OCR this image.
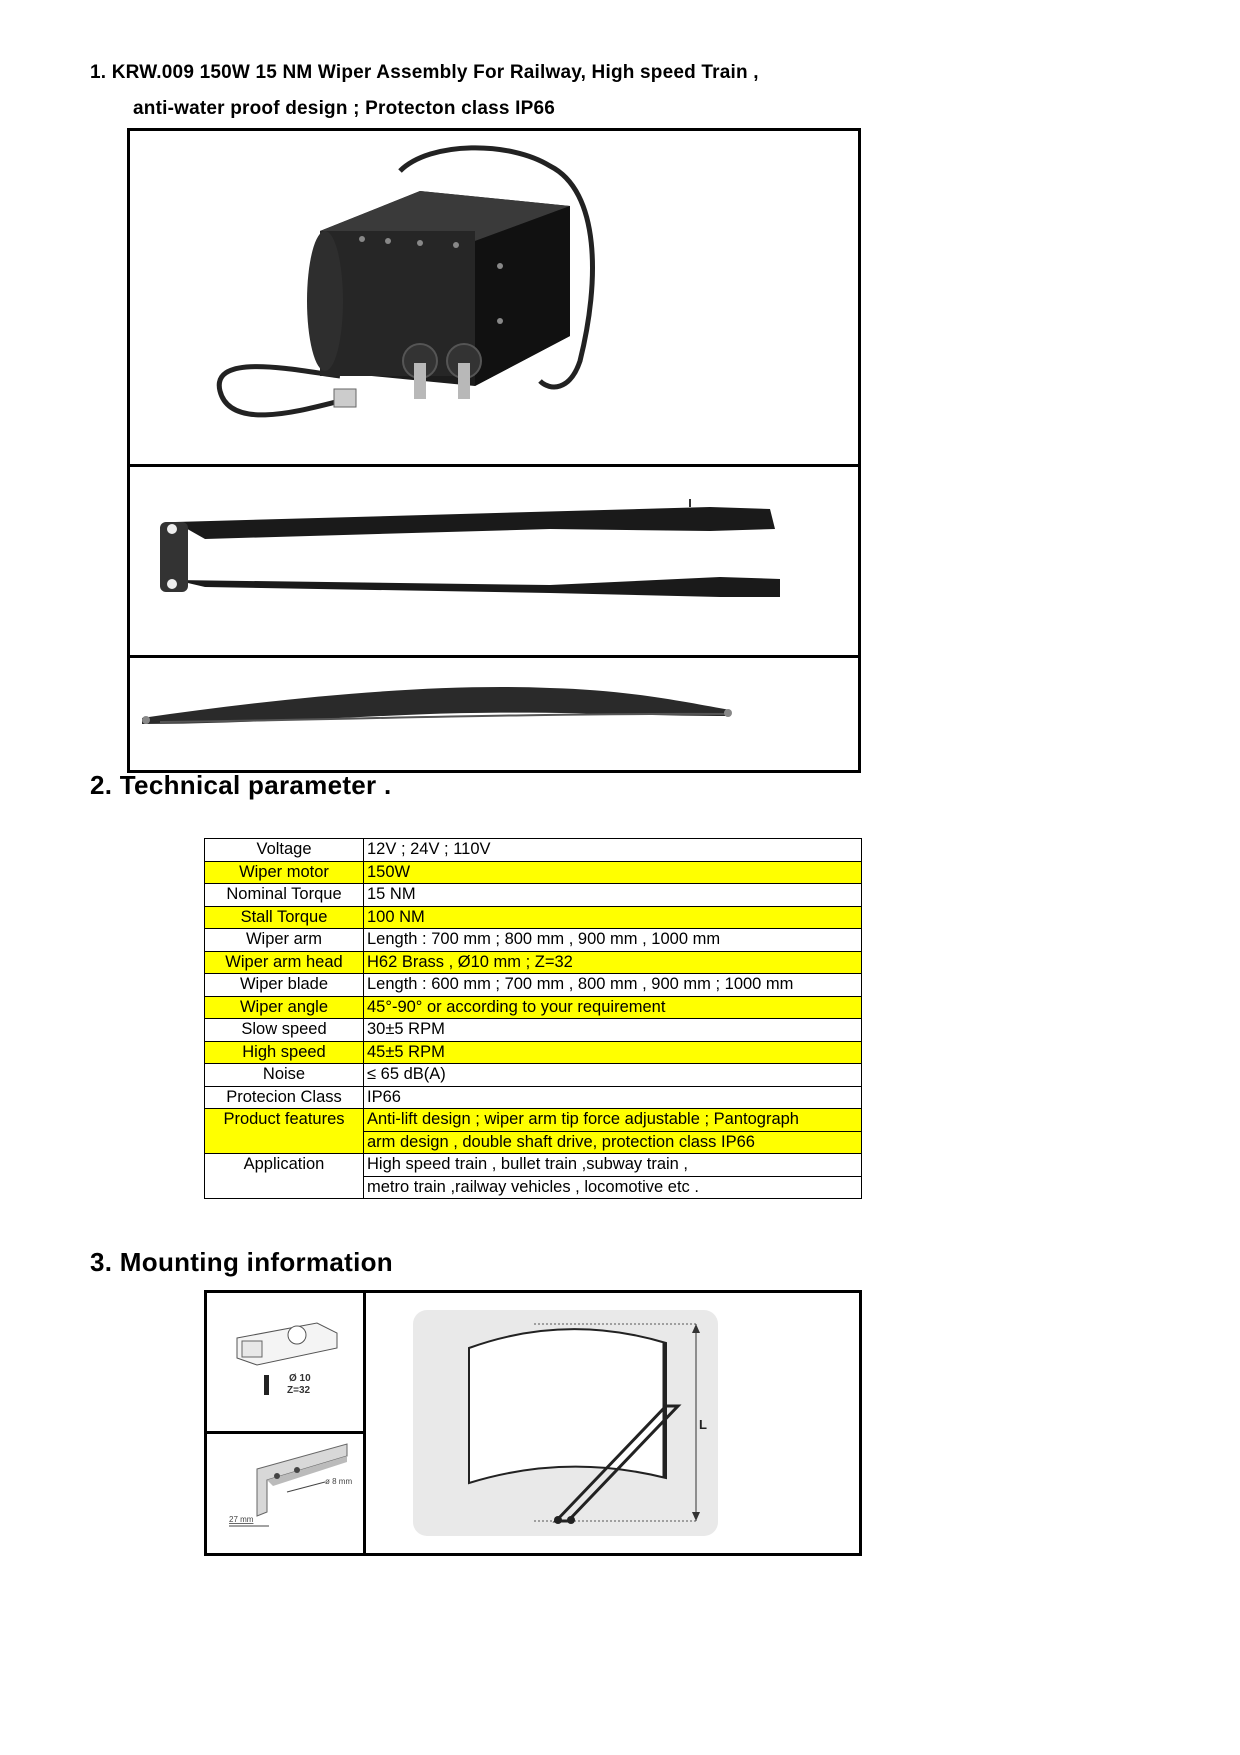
1. KRW.009 150W 15 NM Wiper Assembly For Railway, High speed Train ,
anti-water proof design ; Protecton class IP66
2. Technical parameter .
Voltage	12V ; 24V ; 110V
Wiper motor	150W
Nominal Torque	15 NM
Stall Torque	100 NM
Wiper arm	Length : 700 mm ; 800 mm , 900 mm , 1000 mm
Wiper arm head	H62 Brass , Ø10 mm ; Z=32
Wiper blade	Length : 600 mm ; 700 mm , 800 mm , 900 mm ; 1000 mm
Wiper angle	45°-90° or according to your requirement
Slow speed	30±5 RPM
High speed	45±5 RPM
Noise	≤ 65 dB(A)
Protecion Class	IP66
Product features	Anti-lift design ; wiper arm tip force adjustable ; Pantograph
	arm design , double shaft drive, protection class IP66
Application	High speed train , bullet train ,subway train ,
	metro train ,railway vehicles , locomotive etc .
3. Mounting information
Ø 10
Z=32
ø 8 mm
27 mm
L
